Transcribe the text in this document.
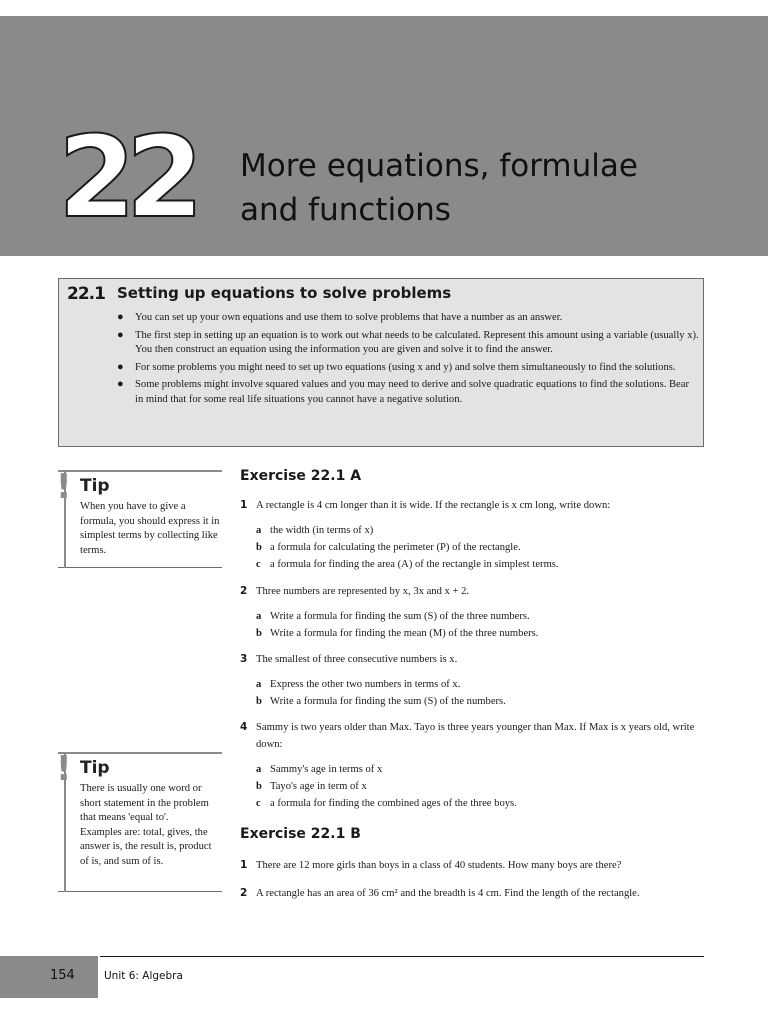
22	More equations, formulae
and functions
22.1 Setting up equations to solve problems
● You can set up your own equations and use them to solve problems that have a number as an answer.
● The first step in setting up an equation is to work out what needs to be calculated. Represent this amount using a variable (usually x). You then construct an equation using the information you are given and solve it to find the answer.
● For some problems you might need to set up two equations (using x and y) and solve them simultaneously to find the solutions.
● Some problems might involve squared values and you may need to derive and solve quadratic equations to find the solutions. Bear in mind that for some real life situations you cannot have a negative solution.
! Tip
When you have to give a formula, you should express it in simplest terms by collecting like terms.
! Tip
There is usually one word or short statement in the problem that means 'equal to'. Examples are: total, gives, the answer is, the result is, product of is, and sum of is.
Exercise 22.1 A
1 A rectangle is 4 cm longer than it is wide. If the rectangle is x cm long, write down:
a the width (in terms of x)
b a formula for calculating the perimeter (P) of the rectangle.
c a formula for finding the area (A) of the rectangle in simplest terms.
2 Three numbers are represented by x, 3x and x + 2.
a Write a formula for finding the sum (S) of the three numbers.
b Write a formula for finding the mean (M) of the three numbers.
3 The smallest of three consecutive numbers is x.
a Express the other two numbers in terms of x.
b Write a formula for finding the sum (S) of the numbers.
4 Sammy is two years older than Max. Tayo is three years younger than Max. If Max is x years old, write down:
a Sammy's age in terms of x
b Tayo's age in term of x
c a formula for finding the combined ages of the three boys.
Exercise 22.1 B
1 There are 12 more girls than boys in a class of 40 students. How many boys are there?
2 A rectangle has an area of 36 cm² and the breadth is 4 cm. Find the length of the rectangle.
154	Unit 6: Algebra
